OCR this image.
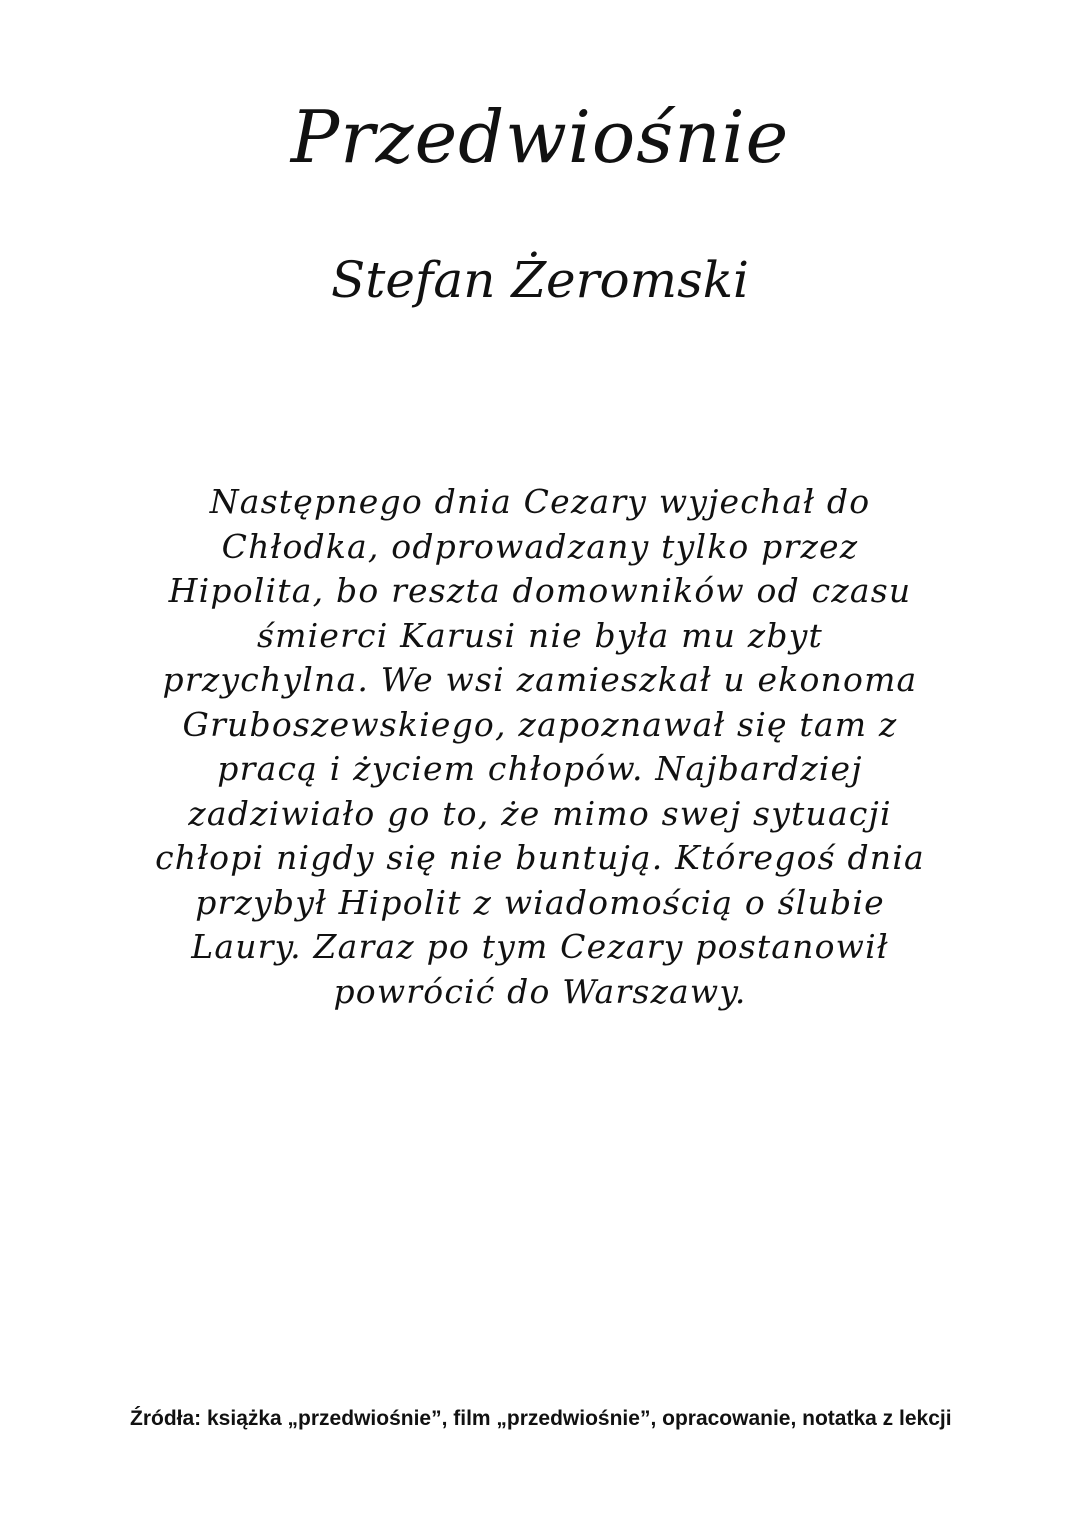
Przedwiośnie
Stefan Żeromski
Następnego dnia Cezary wyjechał do
Chłodka, odprowadzany tylko przez
Hipolita, bo reszta domowników od czasu
śmierci Karusi nie była mu zbyt
przychylna. We wsi zamieszkał u ekonoma
Gruboszewskiego, zapoznawał się tam z
pracą i życiem chłopów. Najbardziej
zadziwiało go to, że mimo swej sytuacji
chłopi nigdy się nie buntują. Któregoś dnia
przybył Hipolit z wiadomością o ślubie
Laury. Zaraz po tym Cezary postanowił
powrócić do Warszawy.
Źródła: książka „przedwiośnie”, film „przedwiośnie”, opracowanie, notatka z lekcji
